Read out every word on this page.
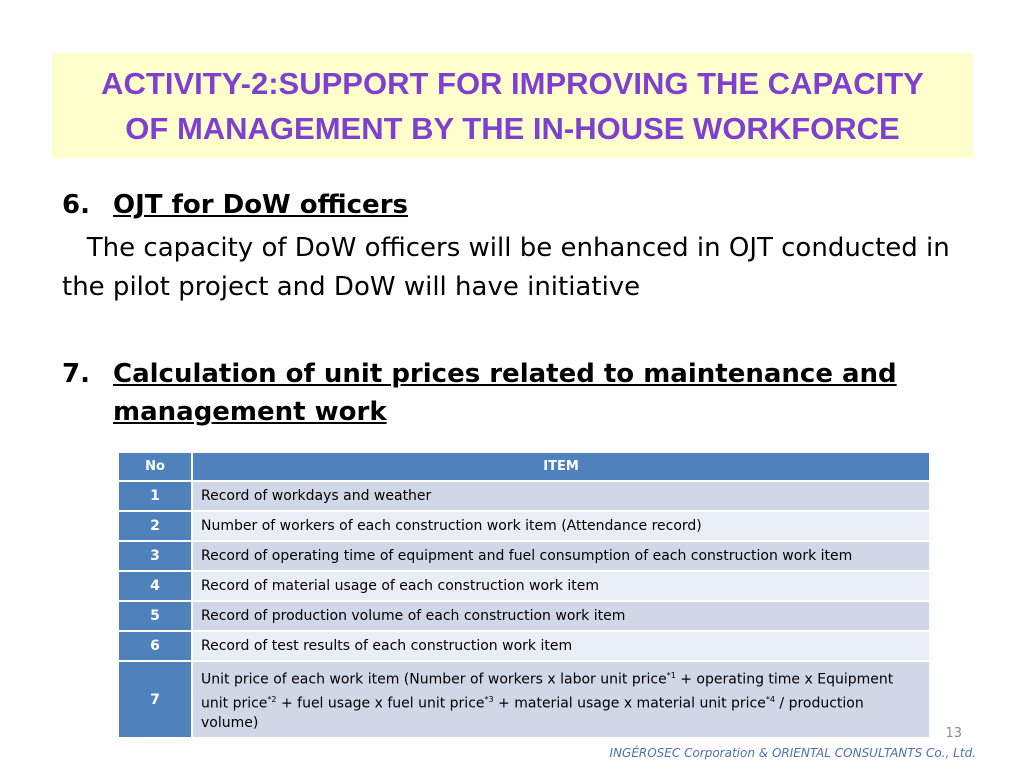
ACTIVITY-2:SUPPORT FOR IMPROVING THE CAPACITY
OF MANAGEMENT BY THE IN-HOUSE WORKFORCE
6. OJT for DoW officers
The capacity of DoW officers will be enhanced in OJT conducted in the pilot project and DoW will have initiative
7. Calculation of unit prices related to maintenance and management work
No	ITEM
1	Record of workdays and weather
2	Number of workers of each construction work item (Attendance record)
3	Record of operating time of equipment and fuel consumption of each construction work item
4	Record of material usage of each construction work item
5	Record of production volume of each construction work item
6	Record of test results of each construction work item
7	Unit price of each work item (Number of workers x labor unit price$^{*1}$ + operating time x Equipment unit price$^{*2}$ + fuel usage x fuel unit price$^{*3}$ + material usage x material unit price$^{*4}$ / production volume)
13
INGÉROSEC Corporation & ORIENTAL CONSULTANTS Co., Ltd.
